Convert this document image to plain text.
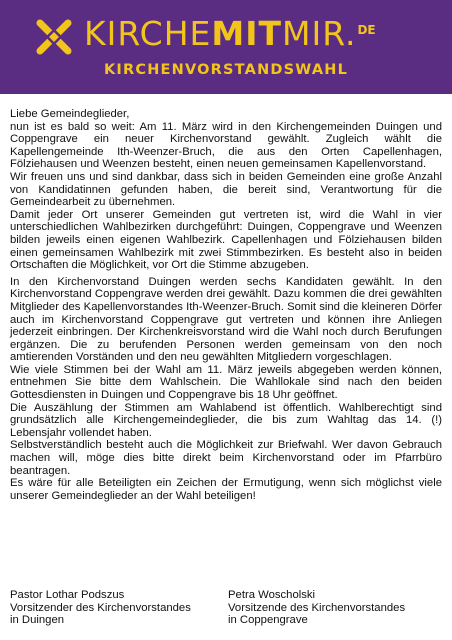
KIRCHEMITMIR.$^{DE}$
KIRCHENVORSTANDSWAHL

Liebe Gemeindeglieder,

nun ist es bald so weit: Am 11. März wird in den Kirchengemeinden Duingen und Coppengrave ein neuer Kirchenvorstand gewählt. Zugleich wählt die Kapellengemeinde Ith-Weenzer-Bruch, die aus den Orten Capellenhagen, Fölziehausen und Weenzen besteht, einen neuen gemeinsamen Kapellenvorstand.

Wir freuen uns und sind dankbar, dass sich in beiden Gemeinden eine große Anzahl von Kandidatinnen gefunden haben, die bereit sind, Verantwortung für die Gemeindearbeit zu übernehmen.

Damit jeder Ort unserer Gemeinden gut vertreten ist, wird die Wahl in vier unterschiedlichen Wahlbezirken durchgeführt: Duingen, Coppengrave und Weenzen bilden jeweils einen eigenen Wahlbezirk. Capellenhagen und Fölziehausen bilden einen gemeinsamen Wahlbezirk mit zwei Stimmbezirken. Es besteht also in beiden Ortschaften die Möglichkeit, vor Ort die Stimme abzugeben.

In den Kirchenvorstand Duingen werden sechs Kandidaten gewählt. In den Kirchenvorstand Coppengrave werden drei gewählt. Dazu kommen die drei gewählten Mitglieder des Kapellenvorstandes Ith-Weenzer-Bruch. Somit sind die kleineren Dörfer auch im Kirchenvorstand Coppengrave gut vertreten und können ihre Anliegen jederzeit einbringen. Der Kirchenkreisvorstand wird die Wahl noch durch Berufungen ergänzen. Die zu berufenden Personen werden gemeinsam von den noch amtierenden Vorständen und den neu gewählten Mitgliedern vorgeschlagen.

Wie viele Stimmen bei der Wahl am 11. März jeweils abgegeben werden können, entnehmen Sie bitte dem Wahlschein. Die Wahllokale sind nach den beiden Gottesdiensten in Duingen und Coppengrave bis 18 Uhr geöffnet.

Die Auszählung der Stimmen am Wahlabend ist öffentlich. Wahlberechtigt sind grundsätzlich alle Kirchengemeindeglieder, die bis zum Wahltag das 14. (!) Lebensjahr vollendet haben.

Selbstverständlich besteht auch die Möglichkeit zur Briefwahl. Wer davon Gebrauch machen will, möge dies bitte direkt beim Kirchenvorstand oder im Pfarrbüro beantragen.

Es wäre für alle Beteiligten ein Zeichen der Ermutigung, wenn sich möglichst viele unserer Gemeindeglieder an der Wahl beteiligen!

Pastor Lothar Podszus
Vorsitzender des Kirchenvorstandes
in Duingen
Petra Woscholski
Vorsitzende des Kirchenvorstandes
in Coppengrave
